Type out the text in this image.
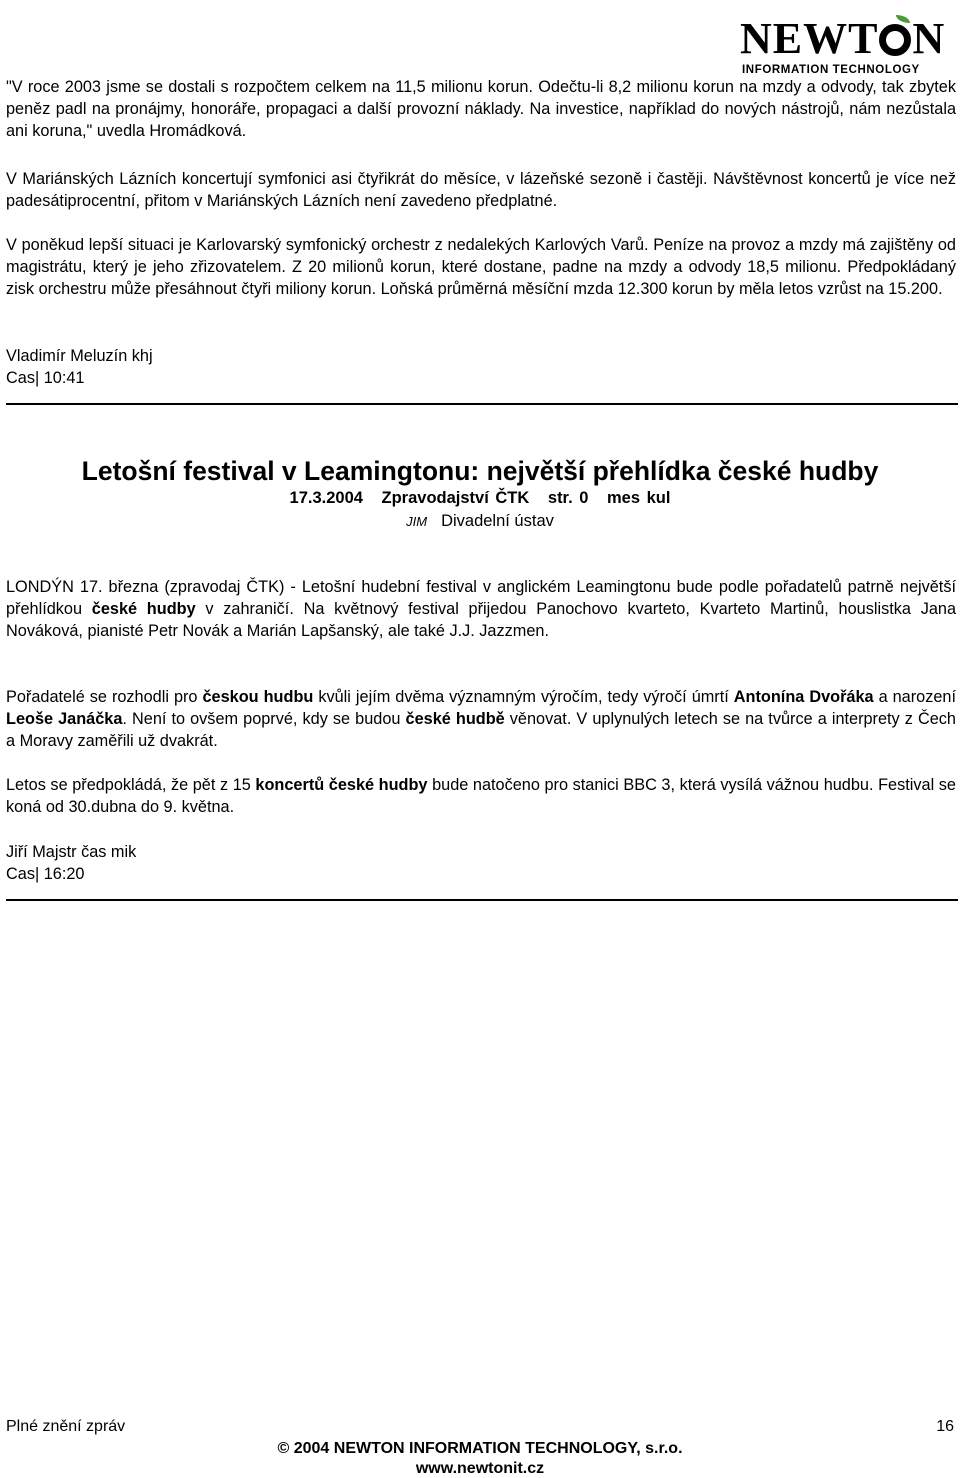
NEWT N
INFORMATION TECHNOLOGY

"V roce 2003 jsme se dostali s rozpočtem celkem na 11,5 milionu korun. Odečtu-li 8,2 milionu korun na mzdy a odvody, tak zbytek peněz padl na pronájmy, honoráře, propagaci a další provozní náklady. Na investice, například do nových nástrojů, nám nezůstala ani koruna," uvedla Hromádková.

V Mariánských Lázních koncertují symfonici asi čtyřikrát do měsíce, v lázeňské sezoně i častěji. Návštěvnost koncertů je více než padesátiprocentní, přitom v Mariánských Lázních není zavedeno předplatné.

V poněkud lepší situaci je Karlovarský symfonický orchestr z nedalekých Karlových Varů. Peníze na provoz a mzdy má zajištěny od magistrátu, který je jeho zřizovatelem. Z 20 milionů korun, které dostane, padne na mzdy a odvody 18,5 milionu. Předpokládaný zisk orchestru může přesáhnout čtyři miliony korun. Loňská průměrná měsíční mzda 12.300 korun by měla letos vzrůst na 15.200.

Vladimír Meluzín khj

Cas| 10:41

Letošní festival v Leamingtonu: největší přehlídka české hudby
17.3.2004 Zpravodajství ČTK str. 0 mes kul
JIM Divadelní ústav

LONDÝN 17. března (zpravodaj ČTK) - Letošní hudební festival v anglickém Leamingtonu bude podle pořadatelů patrně největší přehlídkou české hudby v zahraničí. Na květnový festival přijedou Panochovo kvarteto, Kvarteto Martinů, houslistka Jana Nováková, pianisté Petr Novák a Marián Lapšanský, ale také J.J. Jazzmen.

Pořadatelé se rozhodli pro českou hudbu kvůli jejím dvěma významným výročím, tedy výročí úmrtí Antonína Dvořáka a narození Leoše Janáčka. Není to ovšem poprvé, kdy se budou české hudbě věnovat. V uplynulých letech se na tvůrce a interprety z Čech a Moravy zaměřili už dvakrát.

Letos se předpokládá, že pět z 15 koncertů české hudby bude natočeno pro stanici BBC 3, která vysílá vážnou hudbu. Festival se koná od 30.dubna do 9. května.

Jiří Majstr čas mik

Cas| 16:20

Plné znění zpráv	16
© 2004 NEWTON INFORMATION TECHNOLOGY, s.r.o.
www.newtonit.cz
